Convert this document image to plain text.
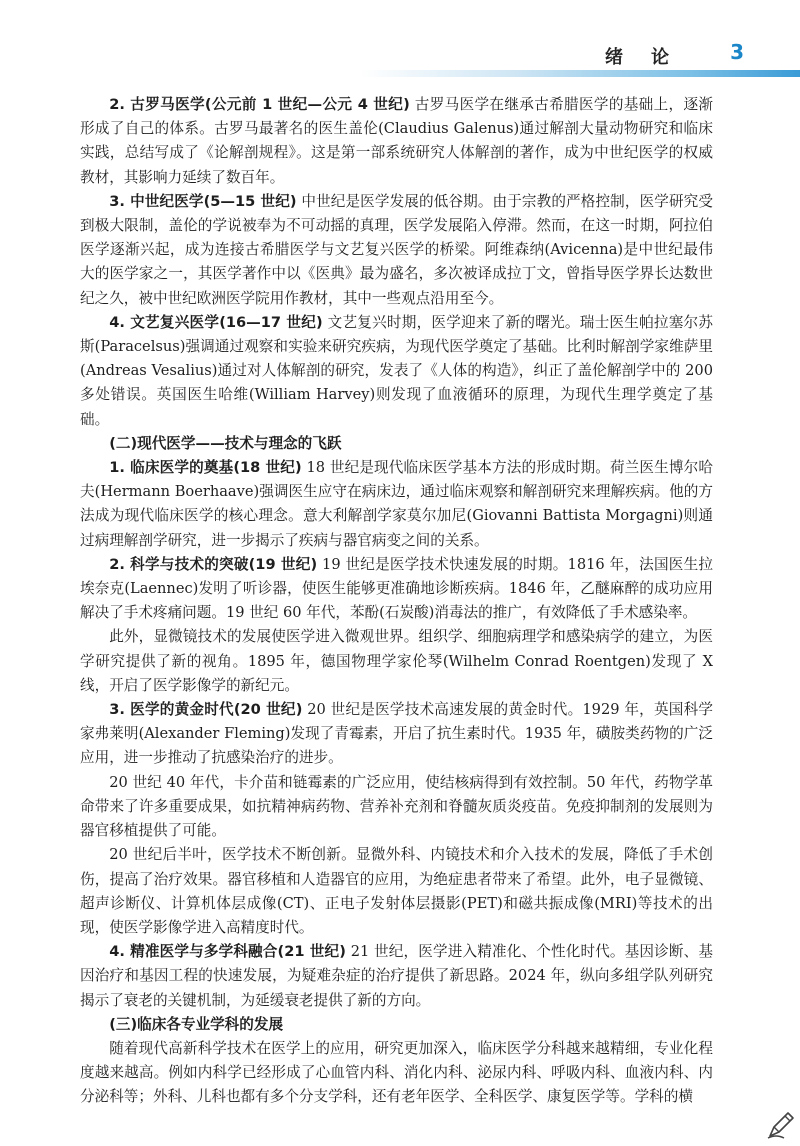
绪论 3

2. 古罗马医学(公元前 1 世纪—公元 4 世纪) 古罗马医学在继承古希腊医学的基础上，逐渐形成了自己的体系。古罗马最著名的医生盖伦(Claudius Galenus)通过解剖大量动物研究和临床实践，总结写成了《论解剖规程》。这是第一部系统研究人体解剖的著作，成为中世纪医学的权威教材，其影响力延续了数百年。

3. 中世纪医学(5—15 世纪) 中世纪是医学发展的低谷期。由于宗教的严格控制，医学研究受到极大限制，盖伦的学说被奉为不可动摇的真理，医学发展陷入停滞。然而，在这一时期，阿拉伯医学逐渐兴起，成为连接古希腊医学与文艺复兴医学的桥梁。阿维森纳(Avicenna)是中世纪最伟大的医学家之一，其医学著作中以《医典》最为盛名，多次被译成拉丁文，曾指导医学界长达数世纪之久，被中世纪欧洲医学院用作教材，其中一些观点沿用至今。

4. 文艺复兴医学(16—17 世纪) 文艺复兴时期，医学迎来了新的曙光。瑞士医生帕拉塞尔苏斯(Paracelsus)强调通过观察和实验来研究疾病，为现代医学奠定了基础。比利时解剖学家维萨里(Andreas Vesalius)通过对人体解剖的研究，发表了《人体的构造》，纠正了盖伦解剖学中的 200 多处错误。英国医生哈维(William Harvey)则发现了血液循环的原理，为现代生理学奠定了基础。

(二)现代医学——技术与理念的飞跃

1. 临床医学的奠基(18 世纪) 18 世纪是现代临床医学基本方法的形成时期。荷兰医生博尔哈夫(Hermann Boerhaave)强调医生应守在病床边，通过临床观察和解剖研究来理解疾病。他的方法成为现代临床医学的核心理念。意大利解剖学家莫尔加尼(Giovanni Battista Morgagni)则通过病理解剖学研究，进一步揭示了疾病与器官病变之间的关系。

2. 科学与技术的突破(19 世纪) 19 世纪是医学技术快速发展的时期。1816 年，法国医生拉埃奈克(Laennec)发明了听诊器，使医生能够更准确地诊断疾病。1846 年，乙醚麻醉的成功应用解决了手术疼痛问题。19 世纪 60 年代，苯酚(石炭酸)消毒法的推广，有效降低了手术感染率。

此外，显微镜技术的发展使医学进入微观世界。组织学、细胞病理学和感染病学的建立，为医学研究提供了新的视角。1895 年，德国物理学家伦琴(Wilhelm Conrad Roentgen)发现了 X 线，开启了医学影像学的新纪元。

3. 医学的黄金时代(20 世纪) 20 世纪是医学技术高速发展的黄金时代。1929 年，英国科学家弗莱明(Alexander Fleming)发现了青霉素，开启了抗生素时代。1935 年，磺胺类药物的广泛应用，进一步推动了抗感染治疗的进步。

20 世纪 40 年代，卡介苗和链霉素的广泛应用，使结核病得到有效控制。50 年代，药物学革命带来了许多重要成果，如抗精神病药物、营养补充剂和脊髓灰质炎疫苗。免疫抑制剂的发展则为器官移植提供了可能。

20 世纪后半叶，医学技术不断创新。显微外科、内镜技术和介入技术的发展，降低了手术创伤，提高了治疗效果。器官移植和人造器官的应用，为绝症患者带来了希望。此外，电子显微镜、超声诊断仪、计算机体层成像(CT)、正电子发射体层摄影(PET)和磁共振成像(MRI)等技术的出现，使医学影像学进入高精度时代。

4. 精准医学与多学科融合(21 世纪) 21 世纪，医学进入精准化、个性化时代。基因诊断、基因治疗和基因工程的快速发展，为疑难杂症的治疗提供了新思路。2024 年，纵向多组学队列研究揭示了衰老的关键机制，为延缓衰老提供了新的方向。

(三)临床各专业学科的发展

随着现代高新科学技术在医学上的应用，研究更加深入，临床医学分科越来越精细，专业化程度越来越高。例如内科学已经形成了心血管内科、消化内科、泌尿内科、呼吸内科、血液内科、内分泌科等；外科、儿科也都有多个分支学科，还有老年医学、全科医学、康复医学等。学科的横
